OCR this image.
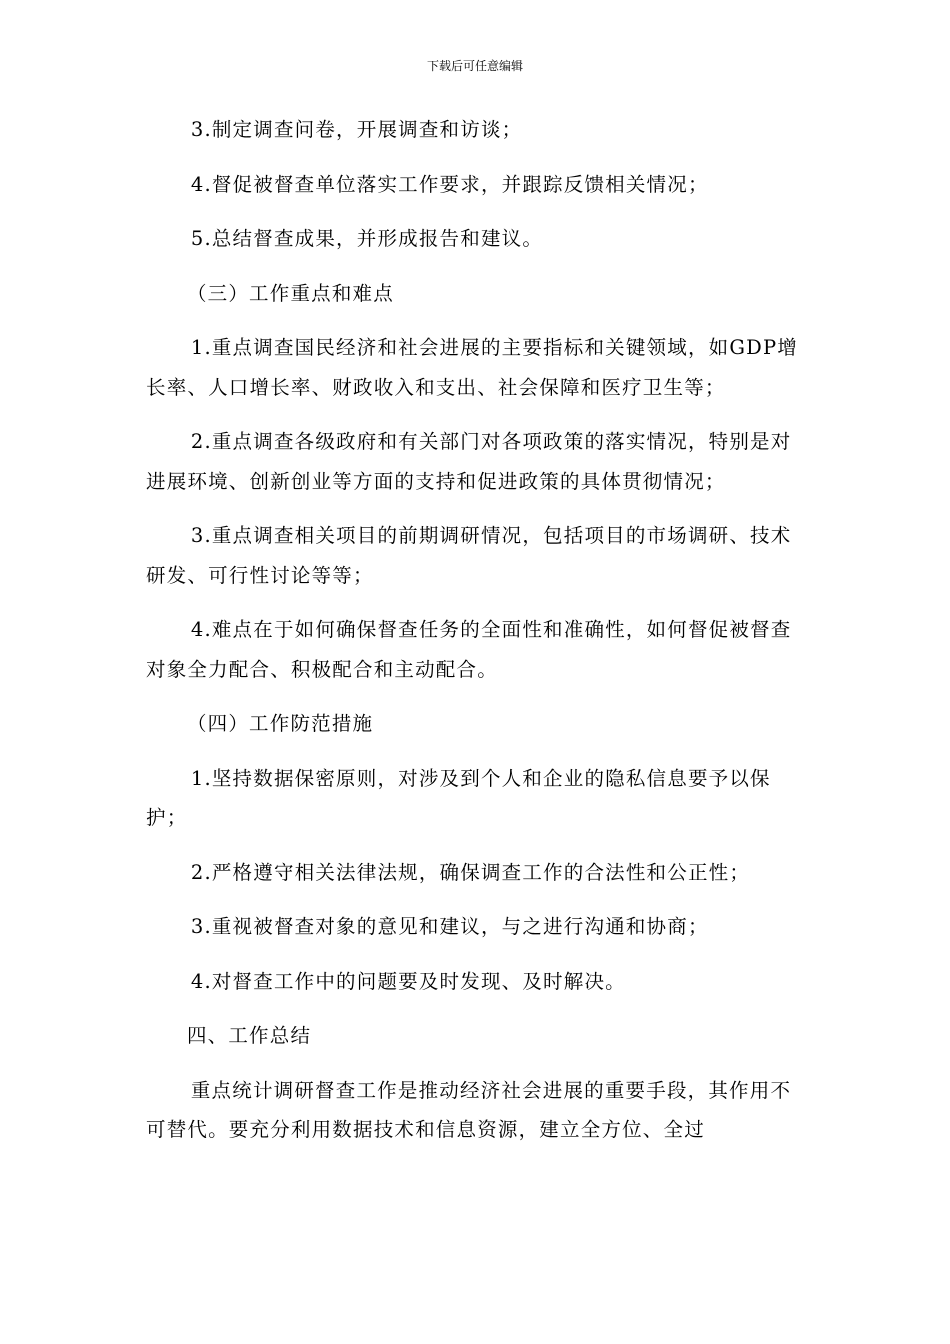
下载后可任意编辑

3.制定调查问卷，开展调查和访谈；

4.督促被督查单位落实工作要求，并跟踪反馈相关情况；

5.总结督查成果，并形成报告和建议。

（三）工作重点和难点

1.重点调查国民经济和社会进展的主要指标和关键领域，如GDP增长率、人口增长率、财政收入和支出、社会保障和医疗卫生等；

2.重点调查各级政府和有关部门对各项政策的落实情况，特别是对进展环境、创新创业等方面的支持和促进政策的具体贯彻情况；

3.重点调查相关项目的前期调研情况，包括项目的市场调研、技术研发、可行性讨论等等；

4.难点在于如何确保督查任务的全面性和准确性，如何督促被督查对象全力配合、积极配合和主动配合。

（四）工作防范措施

1.坚持数据保密原则，对涉及到个人和企业的隐私信息要予以保护；

2.严格遵守相关法律法规，确保调查工作的合法性和公正性；

3.重视被督查对象的意见和建议，与之进行沟通和协商；

4.对督查工作中的问题要及时发现、及时解决。

四、工作总结

重点统计调研督查工作是推动经济社会进展的重要手段，其作用不可替代。要充分利用数据技术和信息资源，建立全方位、全过
